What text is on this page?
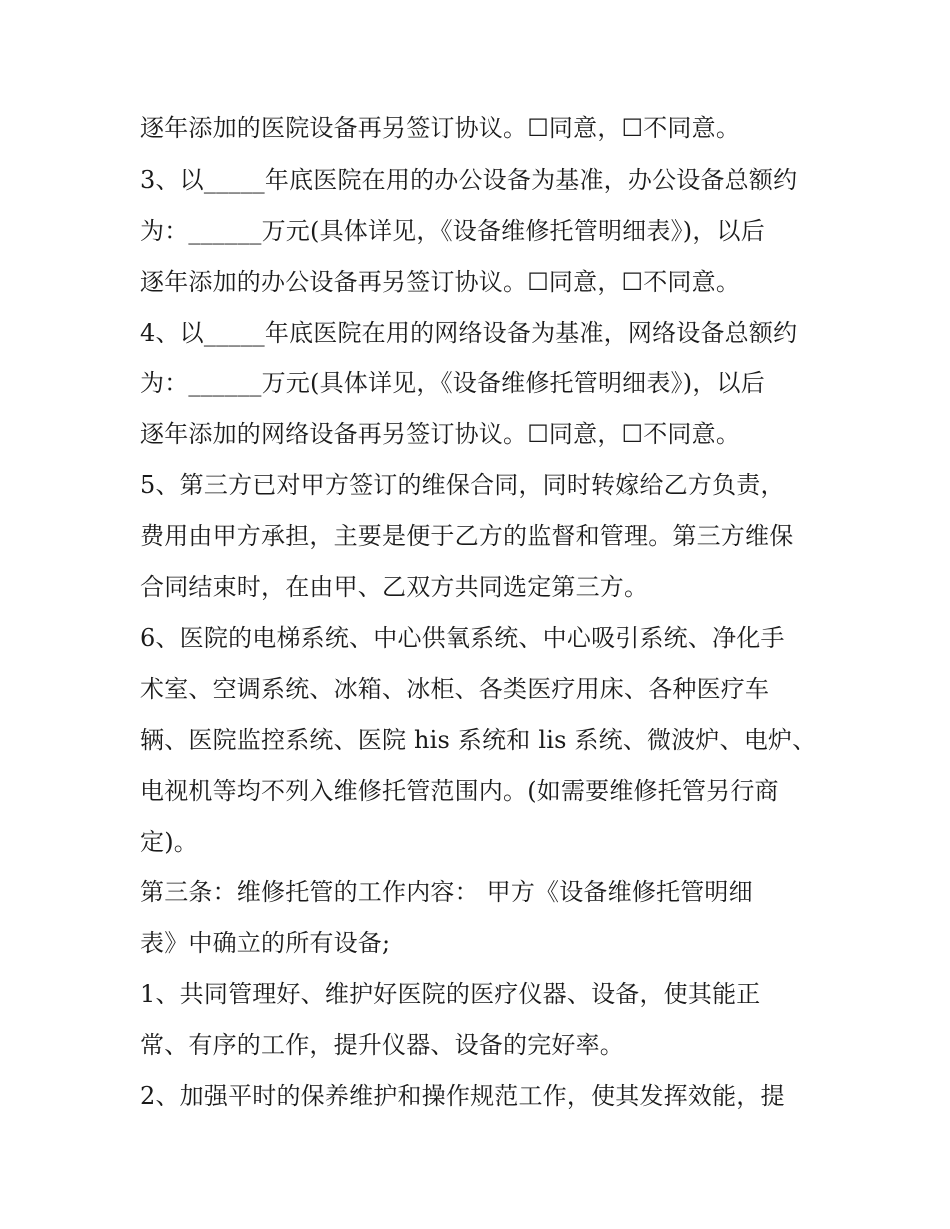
逐年添加的医院设备再另签订协议。☐同意，☐不同意。

3、以_____年底医院在用的办公设备为基准，办公设备总额约

为：______万元(具体详见，《设备维修托管明细表》)，以后

逐年添加的办公设备再另签订协议。☐同意，☐不同意。

4、以_____年底医院在用的网络设备为基准，网络设备总额约

为：______万元(具体详见，《设备维修托管明细表》)，以后

逐年添加的网络设备再另签订协议。☐同意，☐不同意。

5、第三方已对甲方签订的维保合同，同时转嫁给乙方负责，

费用由甲方承担，主要是便于乙方的监督和管理。第三方维保

合同结束时，在由甲、乙双方共同选定第三方。

6、医院的电梯系统、中心供氧系统、中心吸引系统、净化手

术室、空调系统、冰箱、冰柜、各类医疗用床、各种医疗车

辆、医院监控系统、医院 his 系统和 lis 系统、微波炉、电炉、

电视机等均不列入维修托管范围内。(如需要维修托管另行商

定)。

第三条：维修托管的工作内容： 甲方《设备维修托管明细

表》中确立的所有设备;

1、共同管理好、维护好医院的医疗仪器、设备，使其能正

常、有序的工作，提升仪器、设备的完好率。

2、加强平时的保养维护和操作规范工作，使其发挥效能，提
